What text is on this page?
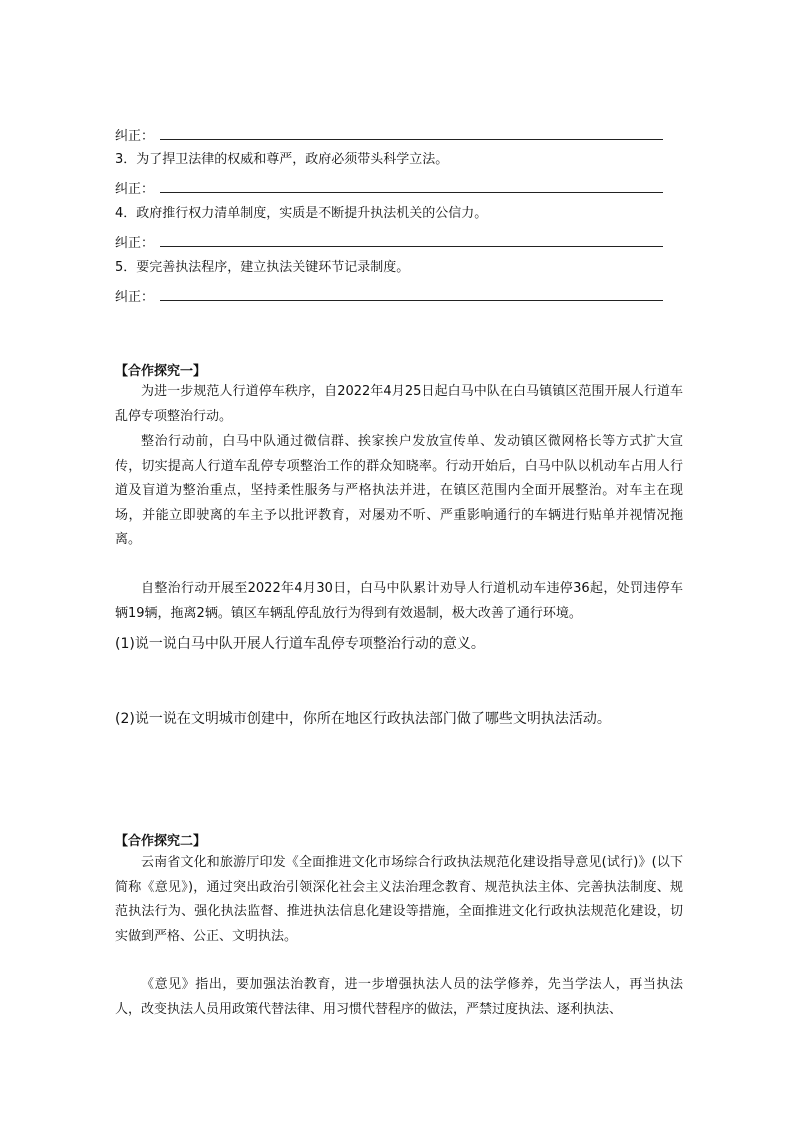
纠正：
3．为了捍卫法律的权威和尊严，政府必须带头科学立法。
纠正：
4．政府推行权力清单制度，实质是不断提升执法机关的公信力。
纠正：
5．要完善执法程序，建立执法关键环节记录制度。
纠正：
【合作探究一】
为进一步规范人行道停车秩序，自2022年4月25日起白马中队在白马镇镇区范围开展人行道车乱停专项整治行动。
整治行动前，白马中队通过微信群、挨家挨户发放宣传单、发动镇区微网格长等方式扩大宣传，切实提高人行道车乱停专项整治工作的群众知晓率。行动开始后，白马中队以机动车占用人行道及盲道为整治重点，坚持柔性服务与严格执法并进，在镇区范围内全面开展整治。对车主在现场，并能立即驶离的车主予以批评教育，对屡劝不听、严重影响通行的车辆进行贴单并视情况拖离。
自整治行动开展至2022年4月30日，白马中队累计劝导人行道机动车违停36起，处罚违停车辆19辆，拖离2辆。镇区车辆乱停乱放行为得到有效遏制，极大改善了通行环境。
(1)说一说白马中队开展人行道车乱停专项整治行动的意义。
(2)说一说在文明城市创建中，你所在地区行政执法部门做了哪些文明执法活动。
【合作探究二】
云南省文化和旅游厅印发《全面推进文化市场综合行政执法规范化建设指导意见(试行)》(以下简称《意见》)，通过突出政治引领深化社会主义法治理念教育、规范执法主体、完善执法制度、规范执法行为、强化执法监督、推进执法信息化建设等措施，全面推进文化行政执法规范化建设，切实做到严格、公正、文明执法。
《意见》指出，要加强法治教育，进一步增强执法人员的法学修养，先当学法人，再当执法人，改变执法人员用政策代替法律、用习惯代替程序的做法，严禁过度执法、逐利执法、
